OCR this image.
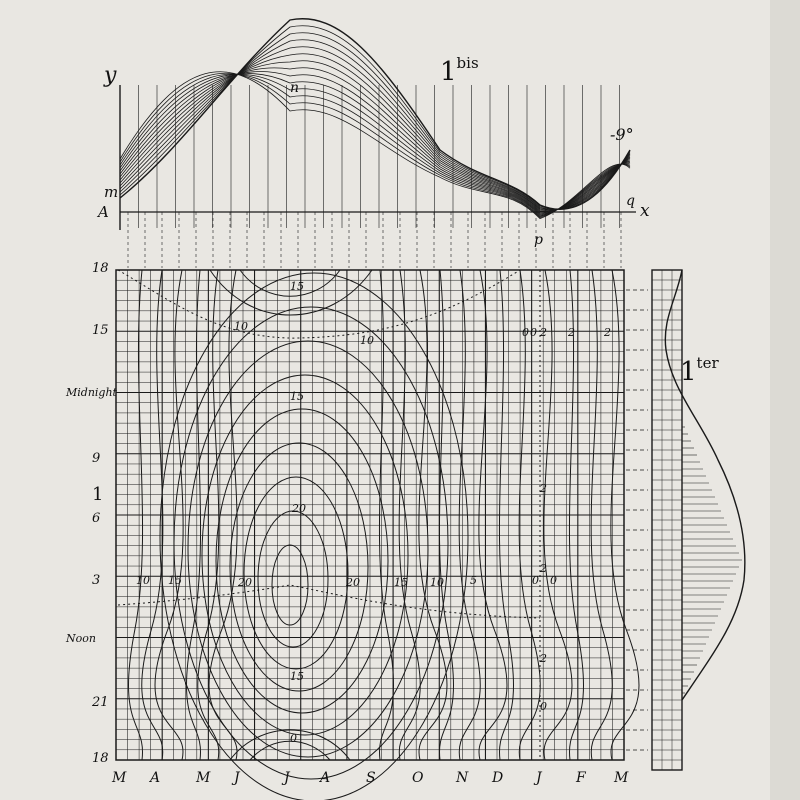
$1^{bis}$
1
$1^{ter}$
y
m
A
n
p
q x
-9°
18
15
Midnight
9
6
3
Noon
21
18
M A	M J	J A	S	O N D J F M
15
10
10
15
20
10 15	20	20	15 10 5	0 0
0 2 2	2
2
2
15
0
2
0
0
